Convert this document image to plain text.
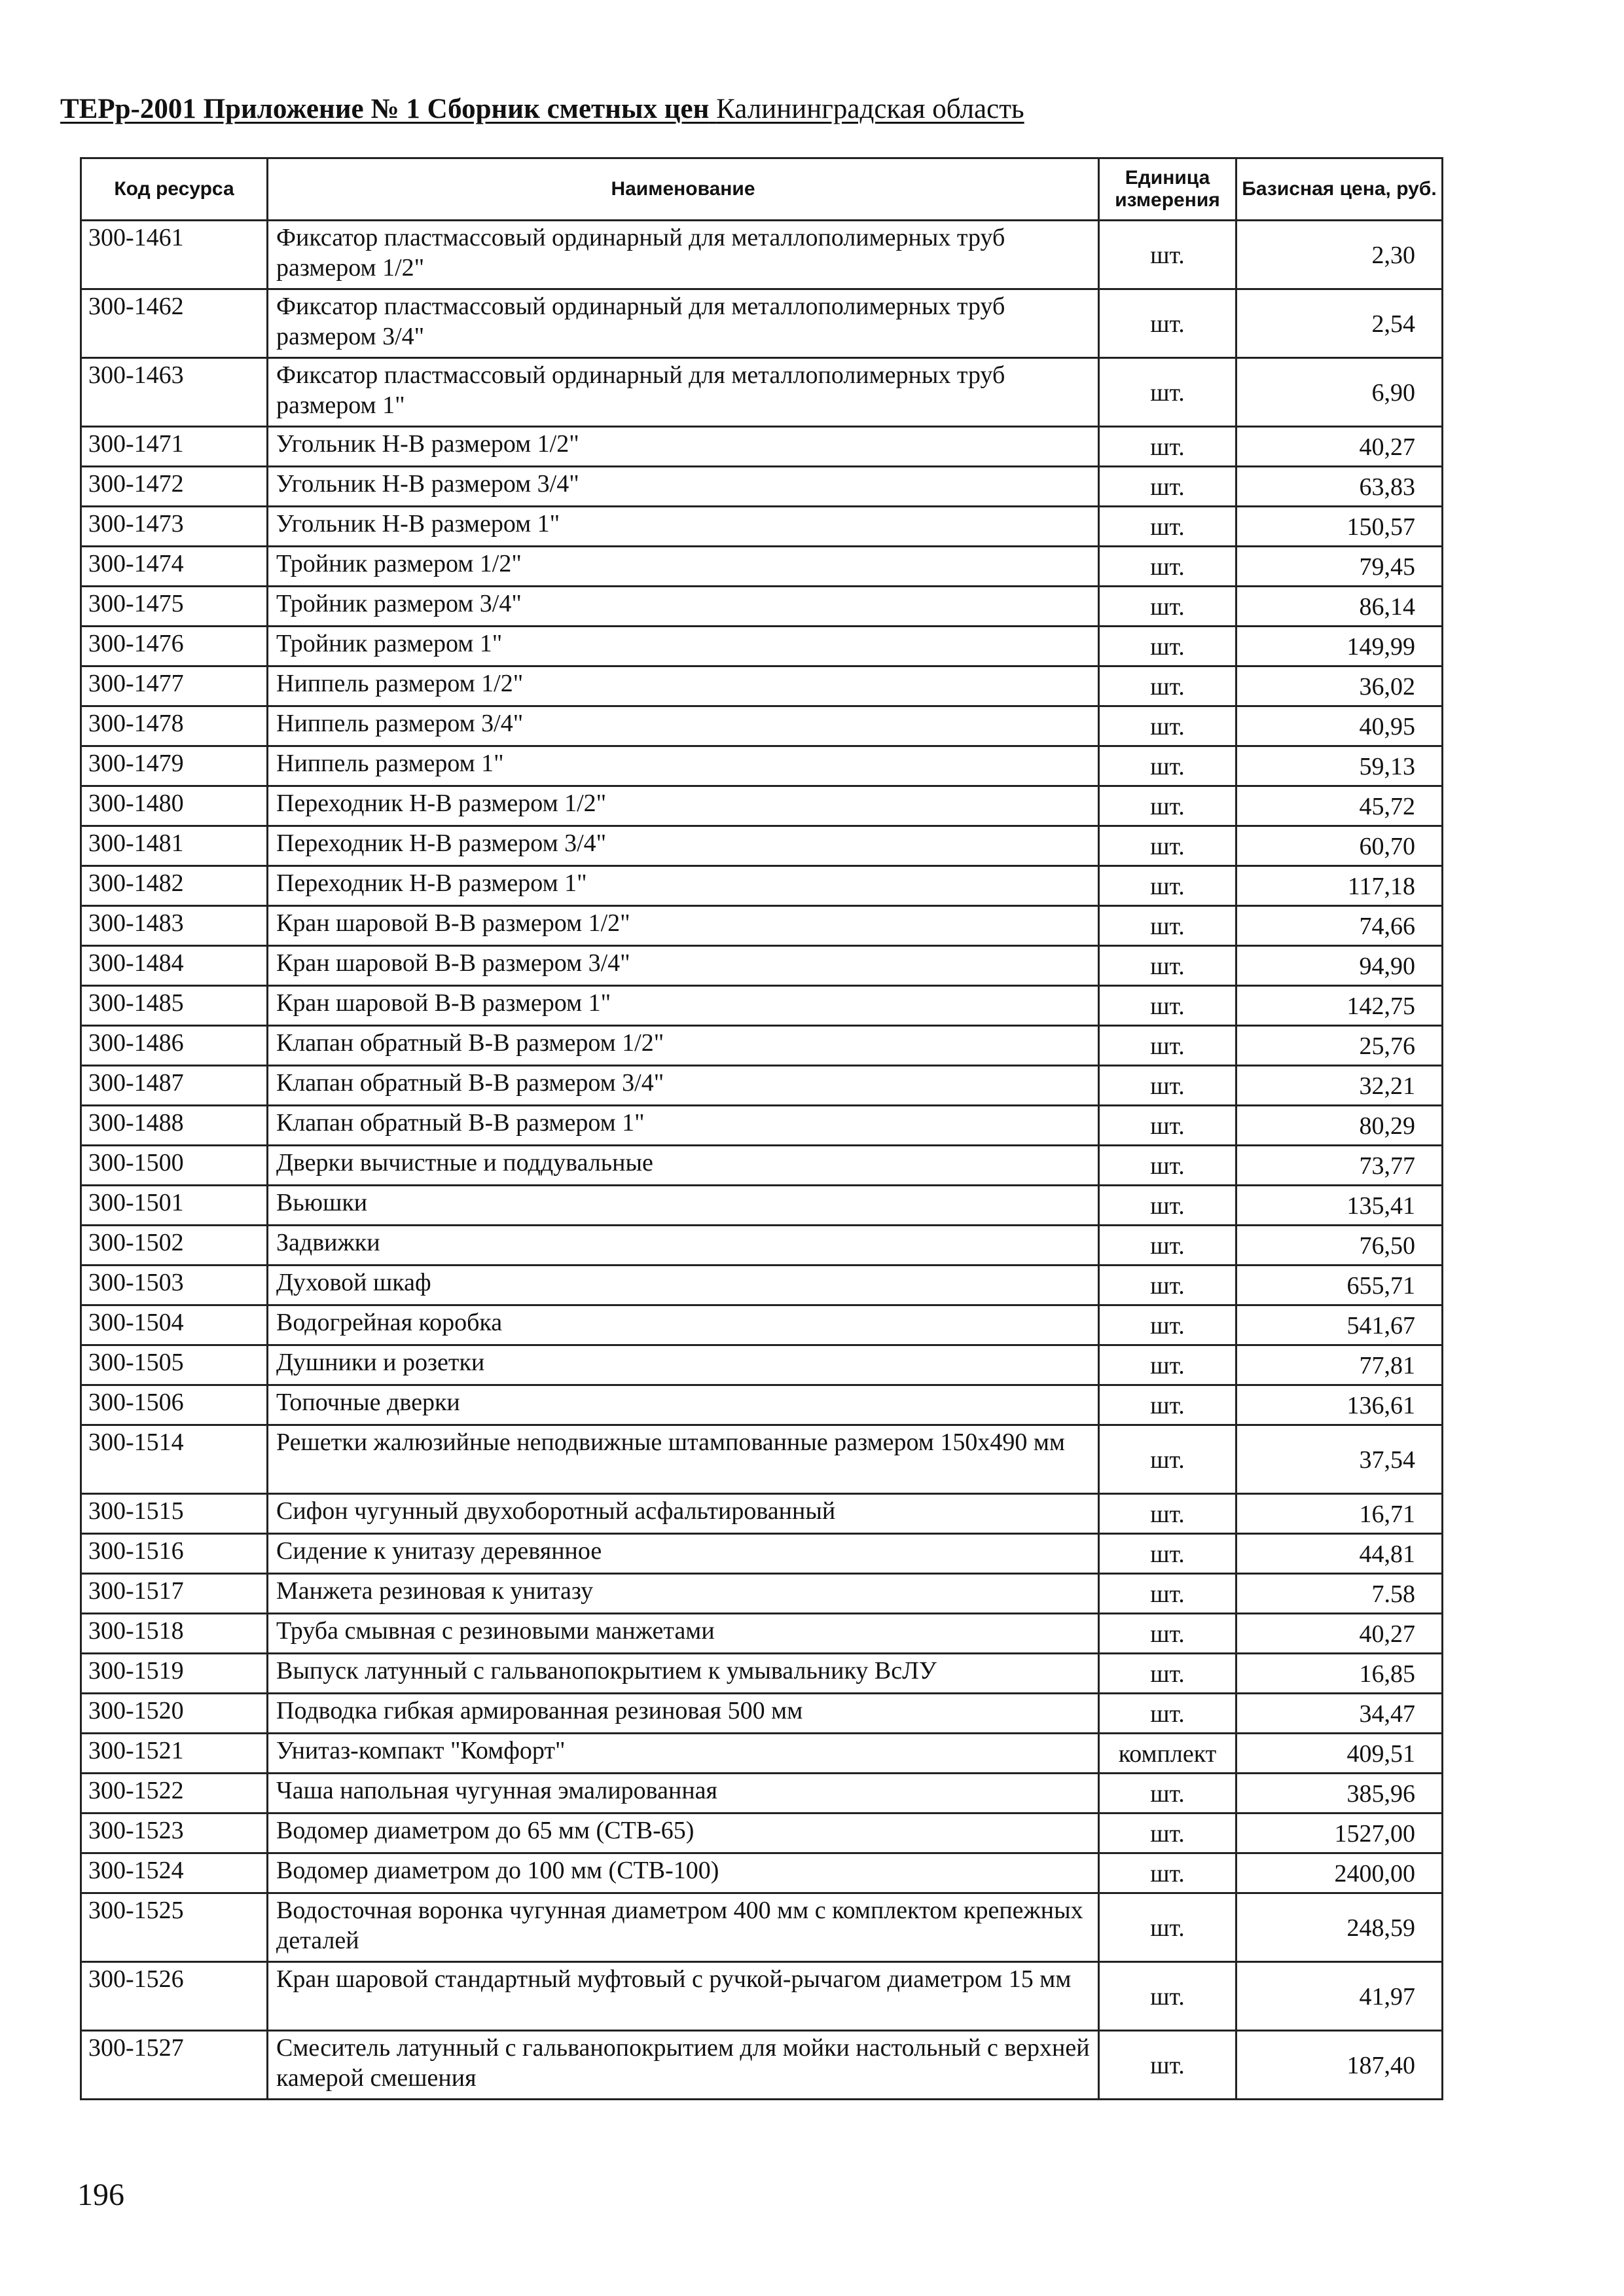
ТЕРр-2001 Приложение № 1 Сборник сметных цен Калининградская область
Код ресурса	Наименование	Единица измерения	Базисная цена, руб.
300-1461	Фиксатор пластмассовый ординарный для металлополимерных труб размером 1/2"	шт.	2,30
300-1462	Фиксатор пластмассовый ординарный для металлополимерных труб размером 3/4"	шт.	2,54
300-1463	Фиксатор пластмассовый ординарный для металлополимерных труб размером 1"	шт.	6,90
300-1471	Угольник Н-В размером 1/2"	шт.	40,27
300-1472	Угольник Н-В размером 3/4"	шт.	63,83
300-1473	Угольник Н-В размером 1"	шт.	150,57
300-1474	Тройник размером 1/2"	шт.	79,45
300-1475	Тройник размером 3/4"	шт.	86,14
300-1476	Тройник размером 1"	шт.	149,99
300-1477	Ниппель размером 1/2"	шт.	36,02
300-1478	Ниппель размером 3/4"	шт.	40,95
300-1479	Ниппель размером 1"	шт.	59,13
300-1480	Переходник Н-В размером 1/2"	шт.	45,72
300-1481	Переходник Н-В размером 3/4"	шт.	60,70
300-1482	Переходник Н-В размером 1"	шт.	117,18
300-1483	Кран шаровой В-В размером 1/2"	шт.	74,66
300-1484	Кран шаровой В-В размером 3/4"	шт.	94,90
300-1485	Кран шаровой В-В размером 1"	шт.	142,75
300-1486	Клапан обратный В-В размером 1/2"	шт.	25,76
300-1487	Клапан обратный В-В размером 3/4"	шт.	32,21
300-1488	Клапан обратный В-В размером 1"	шт.	80,29
300-1500	Дверки вычистные и поддувальные	шт.	73,77
300-1501	Вьюшки	шт.	135,41
300-1502	Задвижки	шт.	76,50
300-1503	Духовой шкаф	шт.	655,71
300-1504	Водогрейная коробка	шт.	541,67
300-1505	Душники и розетки	шт.	77,81
300-1506	Топочные дверки	шт.	136,61
300-1514	Решетки жалюзийные неподвижные штампованные размером 150х490 мм	шт.	37,54
300-1515	Сифон чугунный двухоборотный асфальтированный	шт.	16,71
300-1516	Сидение к унитазу деревянное	шт.	44,81
300-1517	Манжета резиновая к унитазу	шт.	7.58
300-1518	Труба смывная с резиновыми манжетами	шт.	40,27
300-1519	Выпуск латунный с гальванопокрытием к умывальнику ВсЛУ	шт.	16,85
300-1520	Подводка гибкая армированная резиновая 500 мм	шт.	34,47
300-1521	Унитаз-компакт "Комфорт"	комплект	409,51
300-1522	Чаша напольная чугунная эмалированная	шт.	385,96
300-1523	Водомер диаметром до 65 мм (СТВ-65)	шт.	1527,00
300-1524	Водомер диаметром до 100 мм (СТВ-100)	шт.	2400,00
300-1525	Водосточная воронка чугунная диаметром 400 мм с комплектом крепежных деталей	шт.	248,59
300-1526	Кран шаровой стандартный муфтовый с ручкой-рычагом диаметром 15 мм	шт.	41,97
300-1527	Смеситель латунный с гальванопокрытием для мойки настольный с верхней камерой смешения	шт.	187,40
196
